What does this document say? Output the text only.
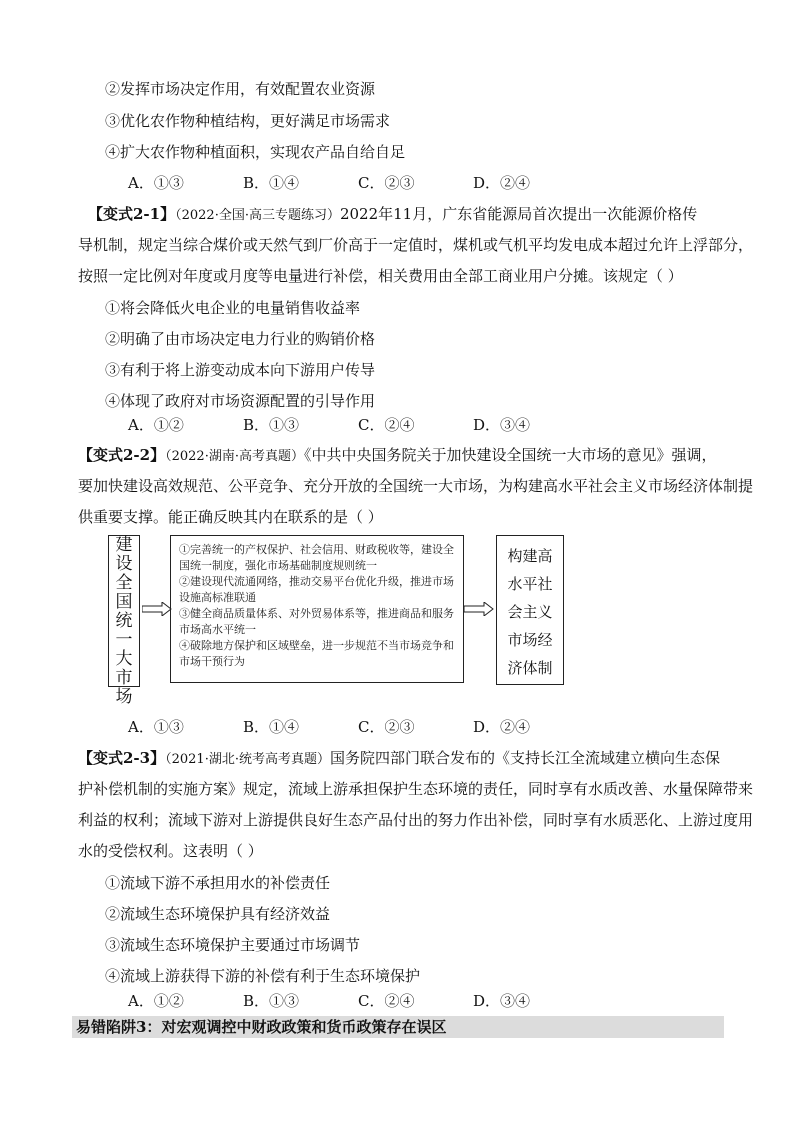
②发挥市场决定作用，有效配置农业资源
③优化农作物种植结构，更好满足市场需求
④扩大农作物种植面积，实现农产品自给自足
A．①③	B．①④	C．②③	D．②④
【变式2-1】（2022·全国·高三专题练习）2022年11月，广东省能源局首次提出一次能源价格传
导机制，规定当综合煤价或天然气到厂价高于一定值时，煤机或气机平均发电成本超过允许上浮部分，
按照一定比例对年度或月度等电量进行补偿，相关费用由全部工商业用户分摊。该规定（ ）
①将会降低火电企业的电量销售收益率
②明确了由市场决定电力行业的购销价格
③有利于将上游变动成本向下游用户传导
④体现了政府对市场资源配置的引导作用
A．①②	B．①③	C．②④	D．③④
【变式2-2】（2022·湖南·高考真题）《中共中央国务院关于加快建设全国统一大市场的意见》强调，
要加快建设高效规范、公平竞争、充分开放的全国统一大市场，为构建高水平社会主义市场经济体制提
供重要支撑。能正确反映其内在联系的是（ ）
建
设
全
国
统
一
大
市
场
①完善统一的产权保护、社会信用、财政税收等，建设全国统一制度，强化市场基础制度规则统一
②建设现代流通网络，推动交易平台优化升级，推进市场设施高标准联通
③健全商品质量体系、对外贸易体系等，推进商品和服务市场高水平统一
④破除地方保护和区域壁垒，进一步规范不当市场竞争和市场干预行为
构建高
水平社
会主义
市场经
济体制
A．①③	B．①④	C．②③	D．②④
【变式2-3】（2021·湖北·统考高考真题）国务院四部门联合发布的《支持长江全流域建立横向生态保
护补偿机制的实施方案》规定，流域上游承担保护生态环境的责任，同时享有水质改善、水量保障带来
利益的权利；流域下游对上游提供良好生态产品付出的努力作出补偿，同时享有水质恶化、上游过度用
水的受偿权利。这表明（ ）
①流域下游不承担用水的补偿责任
②流域生态环境保护具有经济效益
③流域生态环境保护主要通过市场调节
④流域上游获得下游的补偿有利于生态环境保护
A．①②	B．①③	C．②④	D．③④
易错陷阱3：对宏观调控中财政政策和货币政策存在误区
